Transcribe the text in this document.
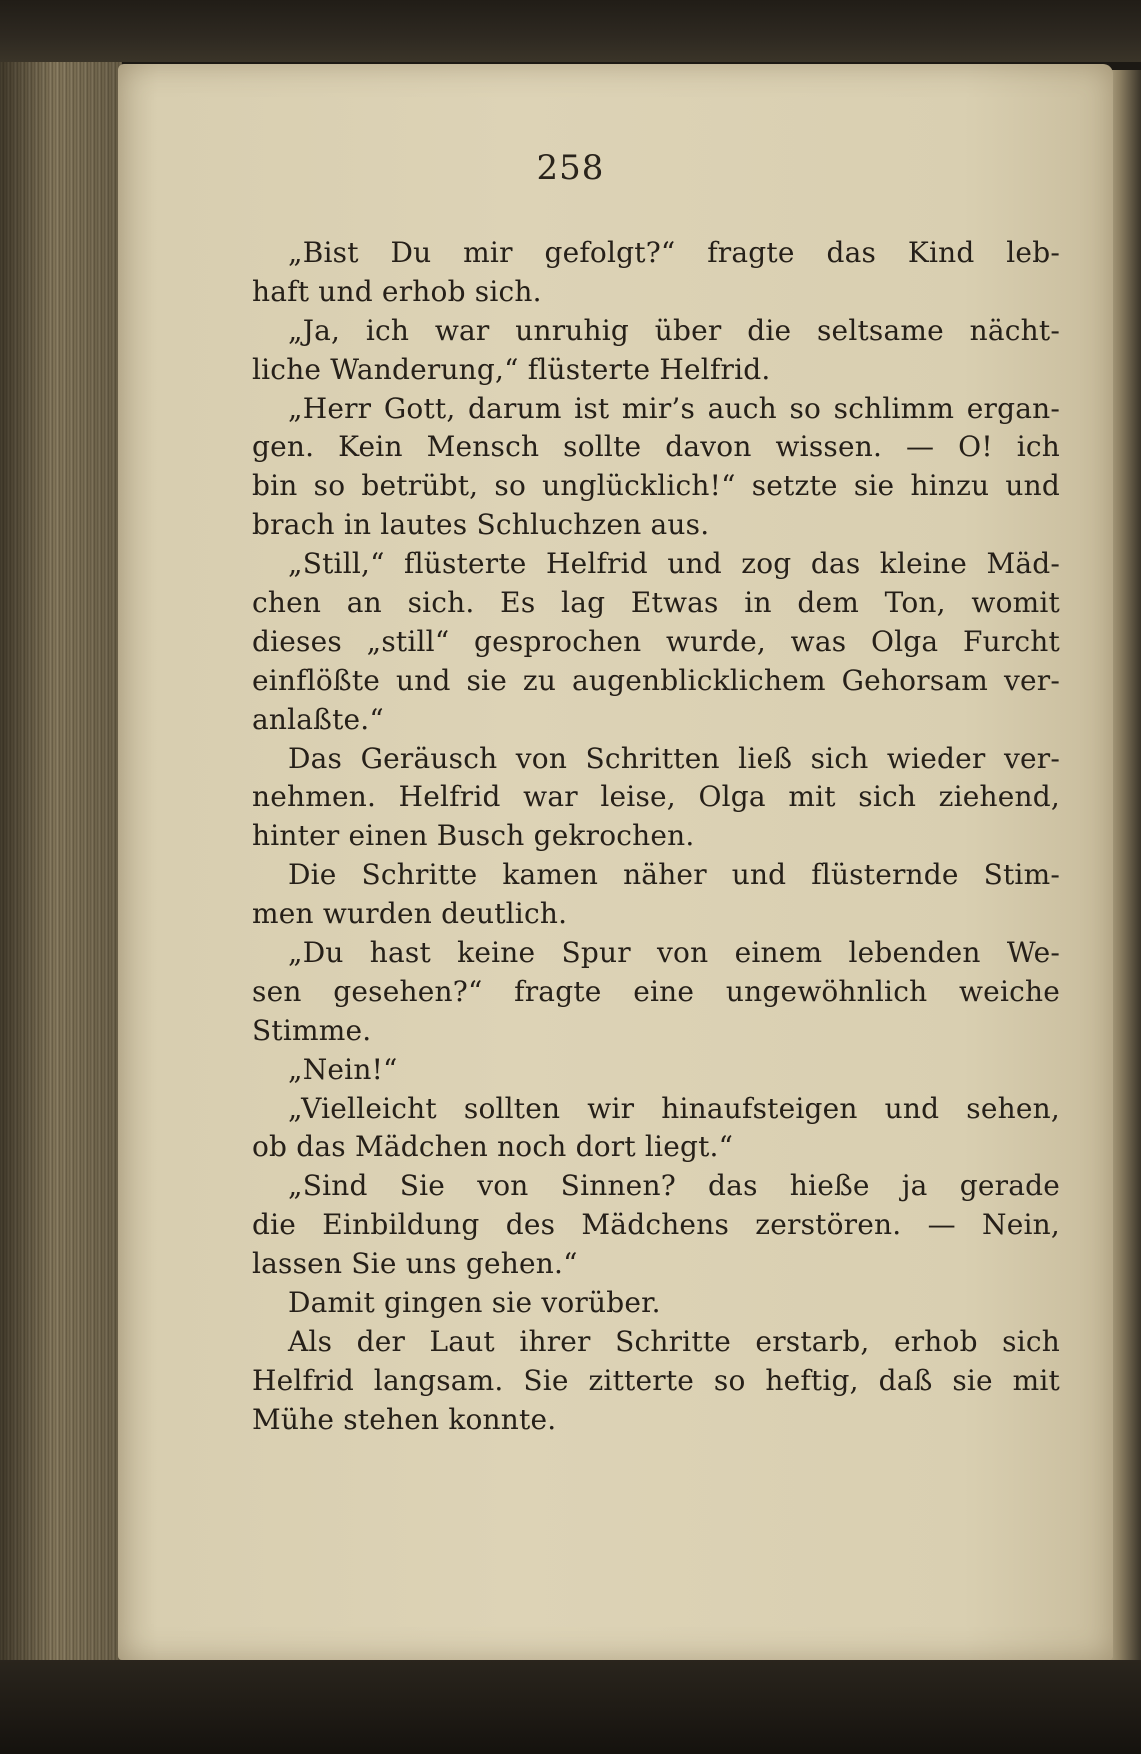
258
„Bist Du mir gefolgt?“ fragte das Kind leb-
haft und erhob sich.
„Ja, ich war unruhig über die seltsame nächt-
liche Wanderung,“ flüsterte Helfrid.
„Herr Gott, darum ist mir’s auch so schlimm ergan-
gen. Kein Mensch sollte davon wissen. — O! ich
bin so betrübt, so unglücklich!“ setzte sie hinzu und
brach in lautes Schluchzen aus.
„Still,“ flüsterte Helfrid und zog das kleine Mäd-
chen an sich. Es lag Etwas in dem Ton, womit
dieses „still“ gesprochen wurde, was Olga Furcht
einflößte und sie zu augenblicklichem Gehorsam ver-
anlaßte.“
Das Geräusch von Schritten ließ sich wieder ver-
nehmen. Helfrid war leise, Olga mit sich ziehend,
hinter einen Busch gekrochen.
Die Schritte kamen näher und flüsternde Stim-
men wurden deutlich.
„Du hast keine Spur von einem lebenden We-
sen gesehen?“ fragte eine ungewöhnlich weiche
Stimme.
„Nein!“
„Vielleicht sollten wir hinaufsteigen und sehen,
ob das Mädchen noch dort liegt.“
„Sind Sie von Sinnen? das hieße ja gerade
die Einbildung des Mädchens zerstören. — Nein,
lassen Sie uns gehen.“
Damit gingen sie vorüber.
Als der Laut ihrer Schritte erstarb, erhob sich
Helfrid langsam. Sie zitterte so heftig, daß sie mit
Mühe stehen konnte.
